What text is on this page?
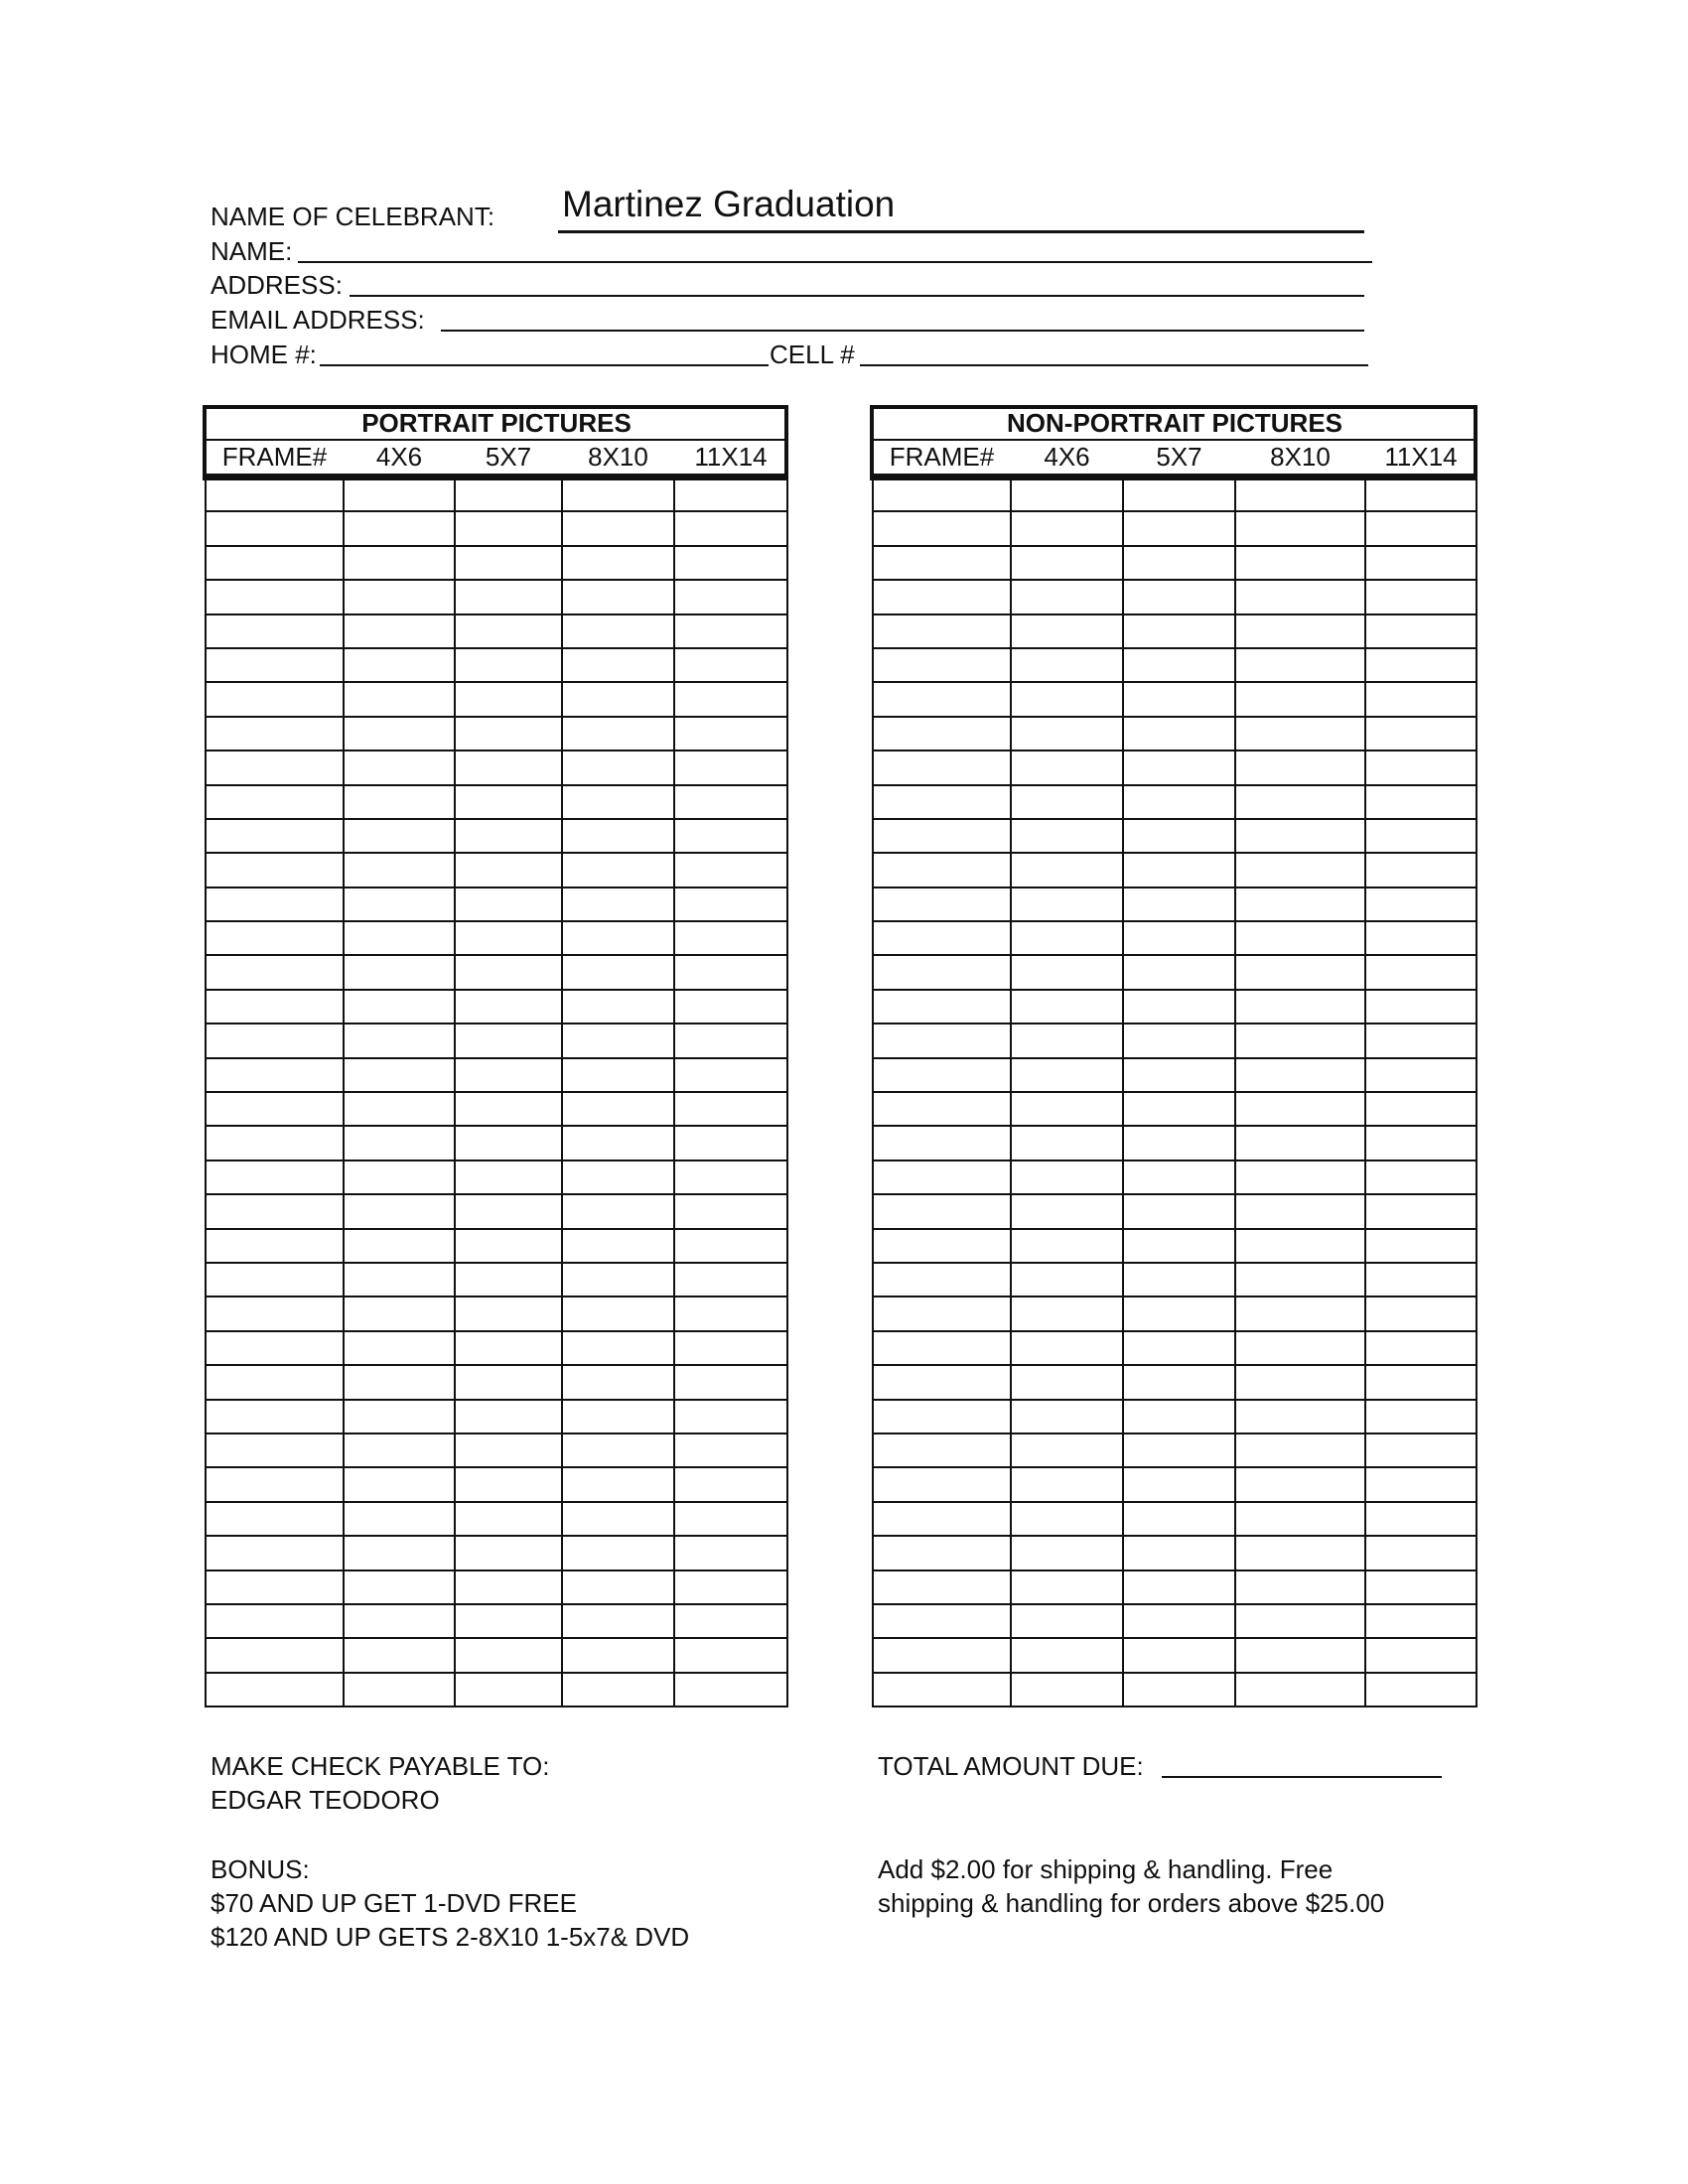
NAME OF CELEBRANT: Martinez Graduation
NAME:
ADDRESS:
EMAIL ADDRESS:
HOME #:	CELL #
PORTRAIT PICTURES				
FRAME#	4X6	5X7	8X10	11X14

NON-PORTRAIT PICTURES				
FRAME#	4X6	5X7	8X10	11X14

MAKE CHECK PAYABLE TO:
EDGAR TEODORO
BONUS:
$70 AND UP GET 1-DVD FREE
$120 AND UP GETS 2-8X10 1-5x7& DVD
TOTAL AMOUNT DUE:
Add $2.00 for shipping & handling. Free
shipping & handling for orders above $25.00
